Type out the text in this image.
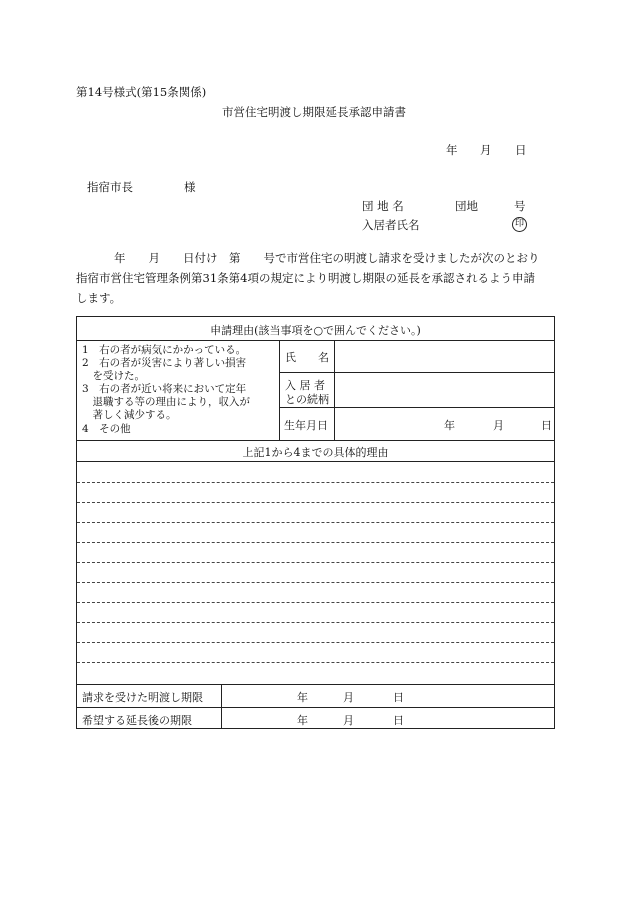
第14号様式(第15条関係)
市営住宅明渡し期限延長承認申請書
年 月 日
指宿市長	様
団 地 名	団地	号
入居者氏名	印
年　　月　　日付け　第　　号で市営住宅の明渡し請求を受けましたが次のとおり
指宿市営住宅管理条例第31条第4項の規定により明渡し期限の延長を承認されるよう申請
します。
申請理由(該当事項を○で囲んでください。)
1　右の者が病気にかかっている。
2　右の者が災害により著しい損害
　を受けた。
3　右の者が近い将来において定年
　退職する等の理由により，収入が
　著しく減少する。
4　その他
氏　　名
入 居 者
との続柄
生年月日	年	月	日
上記1から4までの具体的理由
請求を受けた明渡し期限	年	月	日
希望する延長後の期限	年	月	日
